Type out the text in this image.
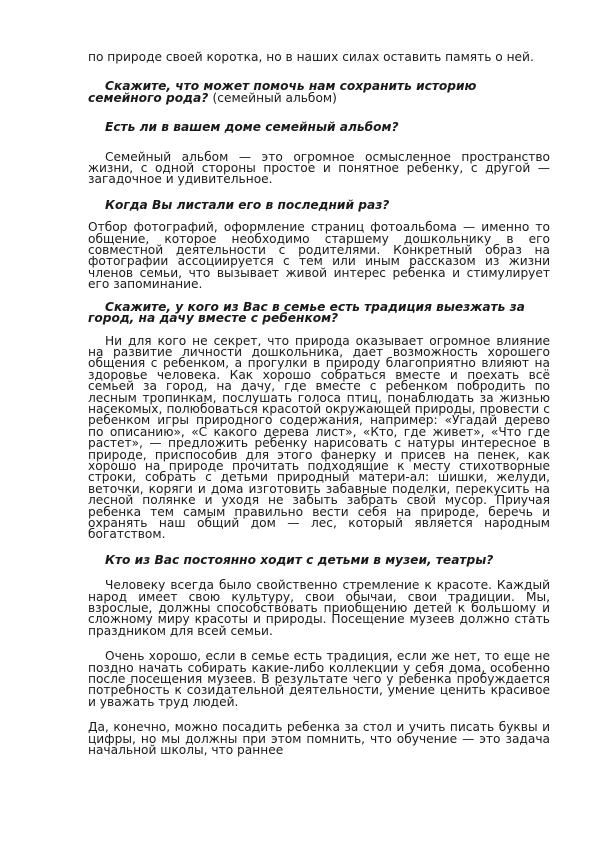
по природе своей коротка, но в наших силах оставить память о ней.

Скажите, что может помочь нам сохранить историю семейного рода? (семейный альбом)

Есть ли в вашем доме семейный альбом?

Семейный альбом — это огромное осмысленное пространство жизни, с одной стороны простое и понятное ребенку, с другой — загадочное и удивительное.

Когда Вы листали его в последний раз?

Отбор фотографий, оформление страниц фотоальбома — именно то общение, которое необходимо старшему дошкольнику в его совместной деятельности с родителями. Конкретный образ на фотографии ассоциируется с тем или иным рассказом из жизни членов семьи, что вызывает живой интерес ребенка и стимулирует его запоминание.

Скажите, у кого из Вас в семье есть традиция выезжать за город, на дачу вместе с ребенком?

Ни для кого не секрет, что природа оказывает огромное влияние на развитие личности дошкольника, дает возможность хорошего общения с ребенком, а прогулки в природу благоприятно влияют на здоровье человека. Как хорошо собраться вместе и поехать всё семьей за город, на дачу, где вместе с ребенком побродить по лесным тропинкам, послушать голоса птиц, понаблюдать за жизнью насекомых, полюбоваться красотой окружающей природы, провести с ребенком игры природного содержания, например: «Угадай дерево по описанию», «С какого дерева лист», «Кто, где живет», «Что где растет», — предложить ребенку нарисовать с натуры интересное в природе, приспособив для этого фанерку и присев на пенек, как хорошо на природе прочитать подходящие к месту стихотворные строки, собрать с детьми природный матери-ал: шишки, желуди, веточки, коряги и дома изготовить забавные поделки, перекусить на лесной полянке и уходя не забыть забрать свой мусор. Приучая ребенка тем самым правильно вести себя на природе, беречь и охранять наш общий дом — лес, который является народным богатством.

Кто из Вас постоянно ходит с детьми в музеи, театры?

Человеку всегда было свойственно стремление к красоте. Каждый народ имеет свою культуру, свои обычаи, свои традиции. Мы, взрослые, должны способствовать приобщению детей к большому и сложному миру красоты и природы. Посещение музеев должно стать праздником для всей семьи.

Очень хорошо, если в семье есть традиция, если же нет, то еще не поздно начать собирать какие-либо коллекции у себя дома, особенно после посещения музеев. В результате чего у ребенка пробуждается потребность к созидательной деятельности, умение ценить красивое и уважать труд людей.

Да, конечно, можно посадить ребенка за стол и учить писать буквы и цифры, но мы должны при этом помнить, что обучение — это задача начальной школы, что раннее
